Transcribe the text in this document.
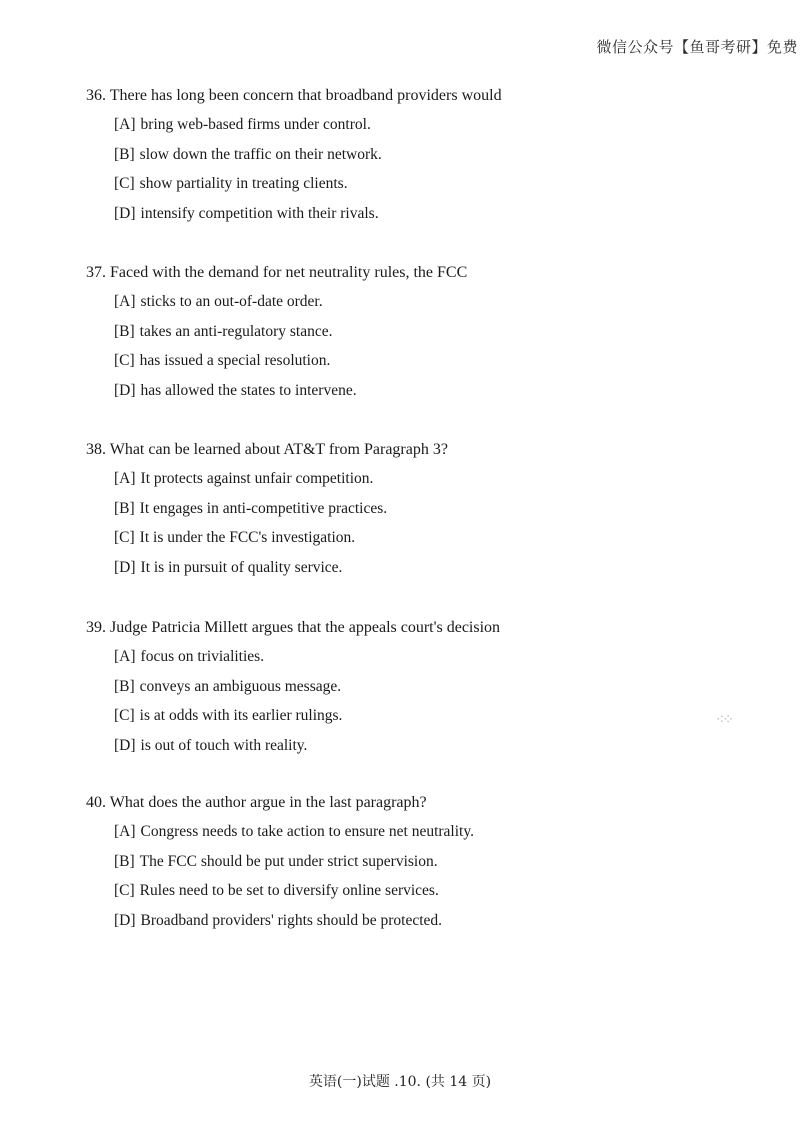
微信公众号【鱼哥考研】免费

36. There has long been concern that broadband providers would

[A] bring web-based firms under control.
[B] slow down the traffic on their network.
[C] show partiality in treating clients.
[D] intensify competition with their rivals.

37. Faced with the demand for net neutrality rules, the FCC

[A] sticks to an out-of-date order.
[B] takes an anti-regulatory stance.
[C] has issued a special resolution.
[D] has allowed the states to intervene.

38. What can be learned about AT&T from Paragraph 3?

[A] It protects against unfair competition.
[B] It engages in anti-competitive practices.
[C] It is under the FCC's investigation.
[D] It is in pursuit of quality service.

39. Judge Patricia Millett argues that the appeals court's decision

[A] focus on trivialities.
[B] conveys an ambiguous message.
[C] is at odds with its earlier rulings.
[D] is out of touch with reality.

40. What does the author argue in the last paragraph?

[A] Congress needs to take action to ensure net neutrality.
[B] The FCC should be put under strict supervision.
[C] Rules need to be set to diversify online services.
[D] Broadband providers' rights should be protected.
⁖⁘
英语(一)试题 .10. (共 14 页)
